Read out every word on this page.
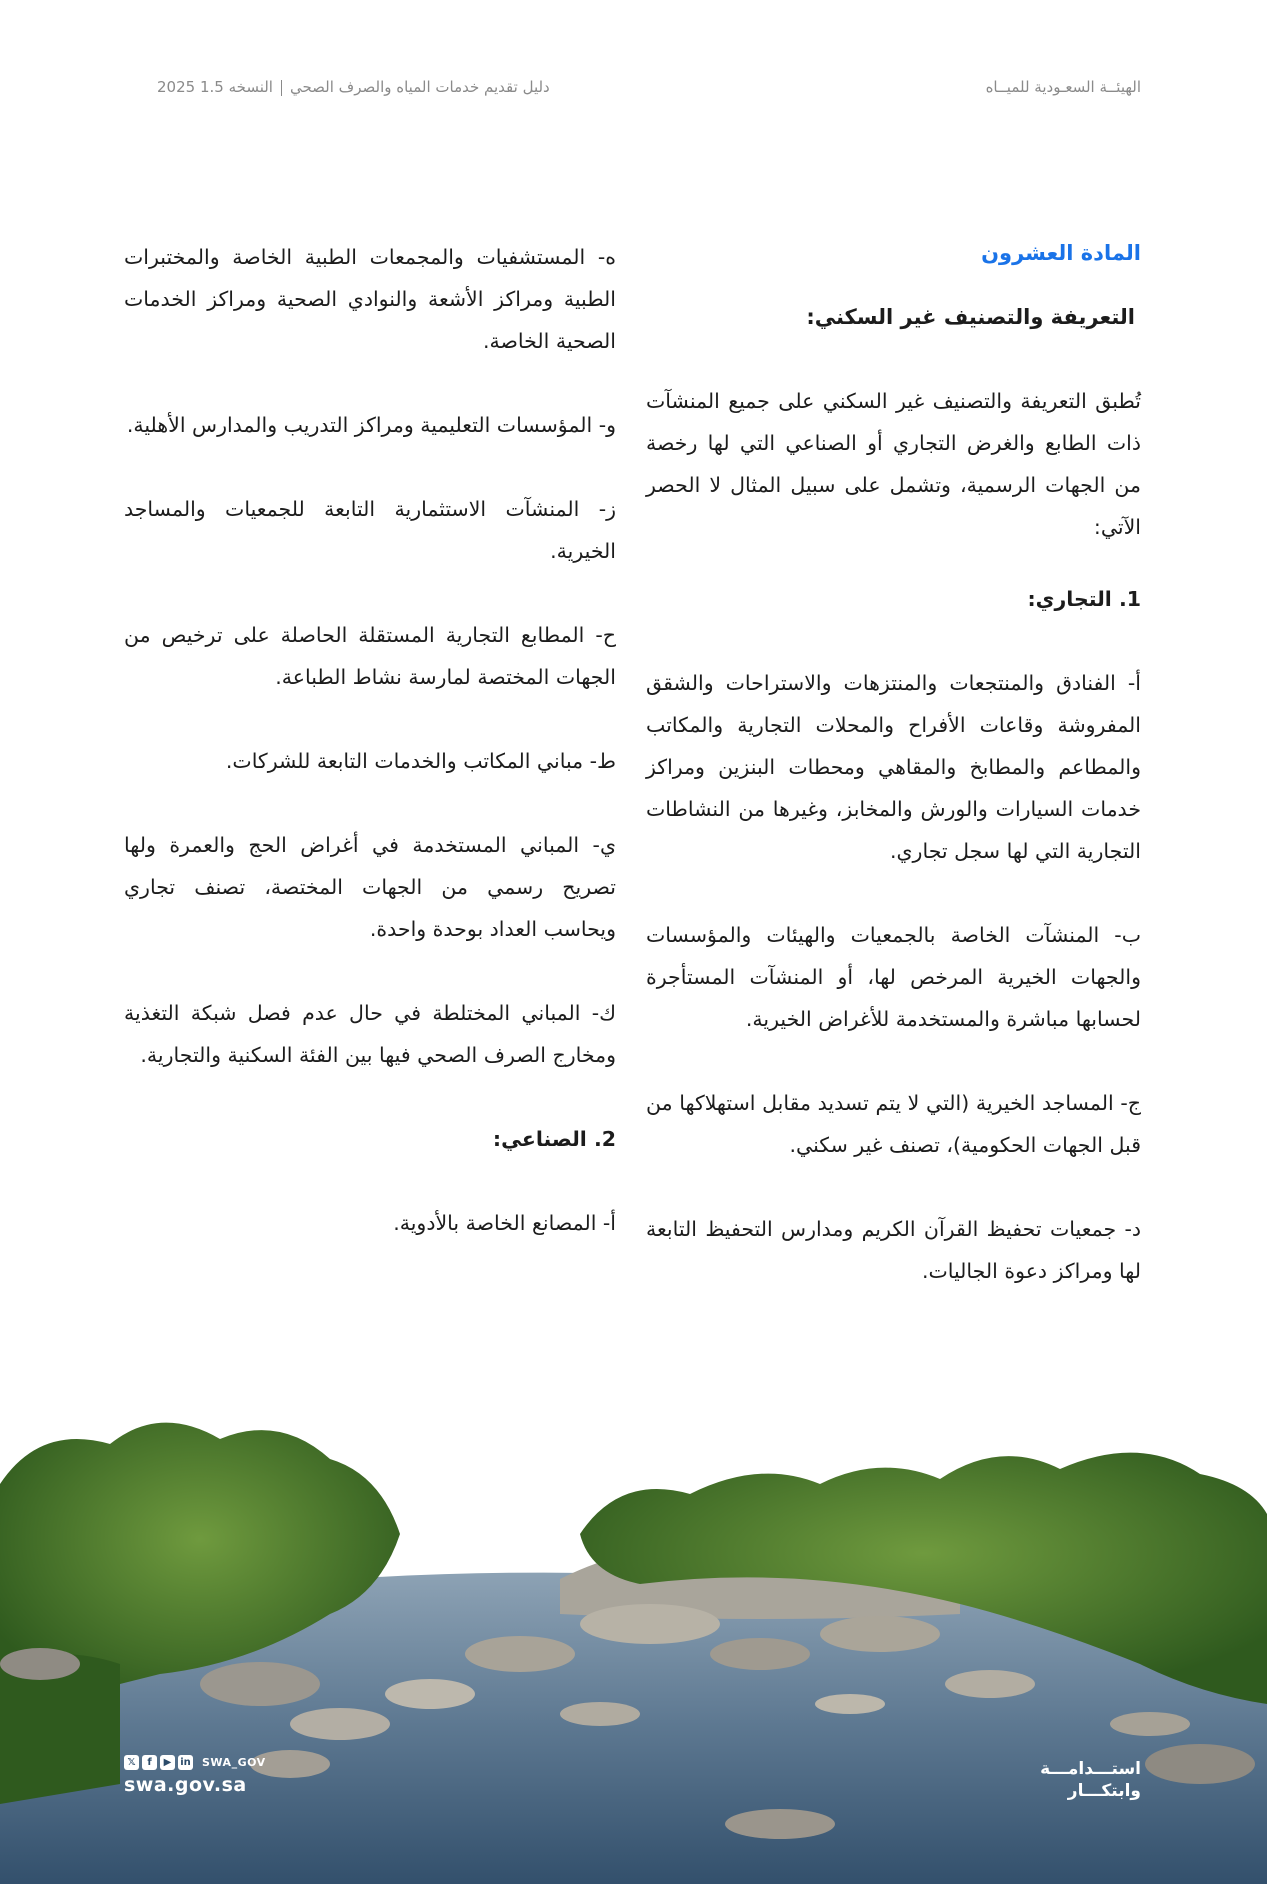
الهيئــة السعـودية للميــاه
دليل تقديم خدمات المياه والصرف الصحيالنسخه 1.5 2025

المادة العشرون

التعريفة والتصنيف غير السكني:

تُطبق التعريفة والتصنيف غير السكني على جميع المنشآت ذات الطابع والغرض التجاري أو الصناعي التي لها رخصة من الجهات الرسمية، وتشمل على سبيل المثال لا الحصر الآتي:

1. التجاري:

أ- الفنادق والمنتجعات والمنتزهات والاستراحات والشقق المفروشة وقاعات الأفراح والمحلات التجارية والمكاتب والمطاعم والمطابخ والمقاهي ومحطات البنزين ومراكز خدمات السيارات والورش والمخابز، وغيرها من النشاطات التجارية التي لها سجل تجاري.

ب- المنشآت الخاصة بالجمعيات والهيئات والمؤسسات والجهات الخيرية المرخص لها، أو المنشآت المستأجرة لحسابها مباشرة والمستخدمة للأغراض الخيرية.

ج- المساجد الخيرية (التي لا يتم تسديد مقابل استهلاكها من قبل الجهات الحكومية)، تصنف غير سكني.

د- جمعيات تحفيظ القرآن الكريم ومدارس التحفيظ التابعة لها ومراكز دعوة الجاليات.

ه- المستشفيات والمجمعات الطبية الخاصة والمختبرات الطبية ومراكز الأشعة والنوادي الصحية ومراكز الخدمات الصحية الخاصة.

و- المؤسسات التعليمية ومراكز التدريب والمدارس الأهلية.

ز- المنشآت الاستثمارية التابعة للجمعيات والمساجد الخيرية.

ح- المطابع التجارية المستقلة الحاصلة على ترخيص من الجهات المختصة لمارسة نشاط الطباعة.

ط- مباني المكاتب والخدمات التابعة للشركات.

ي- المباني المستخدمة في أغراض الحج والعمرة ولها تصريح رسمي من الجهات المختصة، تصنف تجاري ويحاسب العداد بوحدة واحدة.

ك- المباني المختلطة في حال عدم فصل شبكة التغذية ومخارج الصرف الصحي فيها بين الفئة السكنية والتجارية.

2. الصناعي:

أ- المصانع الخاصة بالأدوية.

𝕏	f	▶ in SWA_GOV
swa.gov.sa
استـــدامـــة
وابتكـــار
